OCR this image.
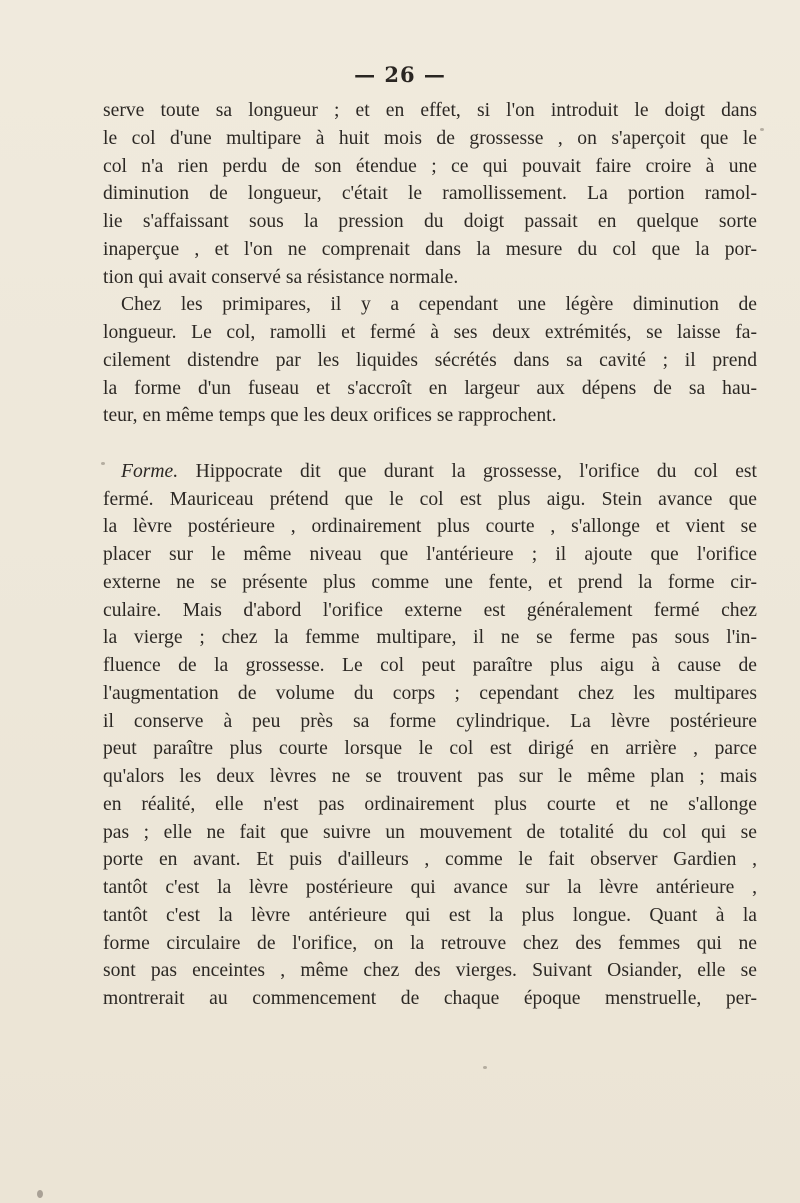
— 26 —
serve toute sa longueur ; et en effet, si l'on introduit le doigt dans
le col d'une multipare à huit mois de grossesse , on s'aperçoit que le
col n'a rien perdu de son étendue ; ce qui pouvait faire croire à une
diminution de longueur, c'était le ramollissement. La portion ramol-
lie s'affaissant sous la pression du doigt passait en quelque sorte
inaperçue , et l'on ne comprenait dans la mesure du col que la por-
tion qui avait conservé sa résistance normale.
Chez les primipares, il y a cependant une légère diminution de
longueur. Le col, ramolli et fermé à ses deux extrémités, se laisse fa-
cilement distendre par les liquides sécrétés dans sa cavité ; il prend
la forme d'un fuseau et s'accroît en largeur aux dépens de sa hau-
teur, en même temps que les deux orifices se rapprochent.
Forme. Hippocrate dit que durant la grossesse, l'orifice du col est
fermé. Mauriceau prétend que le col est plus aigu. Stein avance que
la lèvre postérieure , ordinairement plus courte , s'allonge et vient se
placer sur le même niveau que l'antérieure ; il ajoute que l'orifice
externe ne se présente plus comme une fente, et prend la forme cir-
culaire. Mais d'abord l'orifice externe est généralement fermé chez
la vierge ; chez la femme multipare, il ne se ferme pas sous l'in-
fluence de la grossesse. Le col peut paraître plus aigu à cause de
l'augmentation de volume du corps ; cependant chez les multipares
il conserve à peu près sa forme cylindrique. La lèvre postérieure
peut paraître plus courte lorsque le col est dirigé en arrière , parce
qu'alors les deux lèvres ne se trouvent pas sur le même plan ; mais
en réalité, elle n'est pas ordinairement plus courte et ne s'allonge
pas ; elle ne fait que suivre un mouvement de totalité du col qui se
porte en avant. Et puis d'ailleurs , comme le fait observer Gardien ,
tantôt c'est la lèvre postérieure qui avance sur la lèvre antérieure ,
tantôt c'est la lèvre antérieure qui est la plus longue. Quant à la
forme circulaire de l'orifice, on la retrouve chez des femmes qui ne
sont pas enceintes , même chez des vierges. Suivant Osiander, elle se
montrerait au commencement de chaque époque menstruelle, per-
